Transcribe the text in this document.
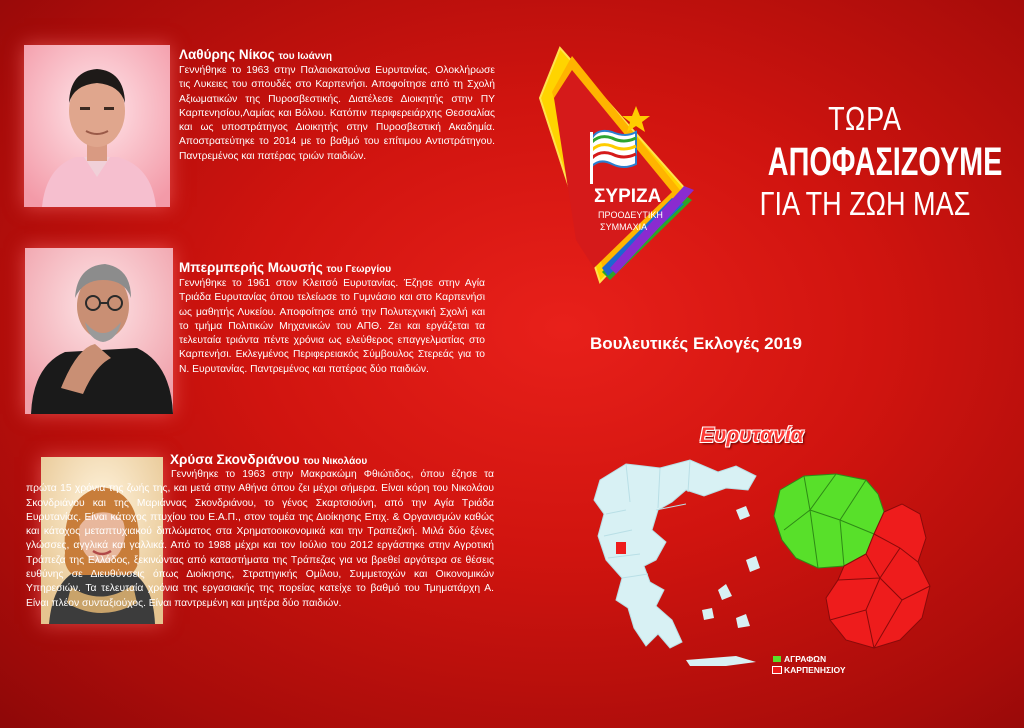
Λαθύρης Νίκος του Ιωάννη

Γεννήθηκε το 1963 στην Παλαιοκατούνα Ευρυτανίας. Ολοκλήρωσε τις Λυκειες του σπουδές στο Καρπενήσι. Αποφοίτησε από τη Σχολή Αξιωματικών της Πυροσβεστικής. Διατέλεσε Διοικητής στην ΠΥ Καρπενησίου,Λαμίας και Βόλου. Κατόπιν περιφερειάρχης Θεσσαλίας και ως υποστράτηγος Διοικητής στην Πυροσβεστική Ακαδημία. Αποστρατεύτηκε το 2014 με το βαθμό του επίτιμου Αντιστράτηγου. Παντρεμένος και πατέρας τριών παιδιών.

Μπερμπερής Μωυσής του Γεωργίου

Γεννήθηκε το 1961 στον Κλειτσό Ευρυτανίας. Έζησε στην Αγία Τριάδα Ευρυτανίας όπου τελείωσε το Γυμνάσιο και στο Καρπενήσι ως μαθητής Λυκείου. Αποφοίτησε από την Πολυτεχνική Σχολή και το τμήμα Πολιτικών Μηχανικών του ΑΠΘ. Ζει και εργάζεται τα τελευταία τριάντα πέντε χρόνια ως ελεύθερος επαγγελματίας στο Καρπενήσι. Εκλεγμένος Περιφερειακός Σύμβουλος Στερεάς για το Ν. Ευρυτανίας. Παντρεμένος και πατέρας δύο παιδιών.

Χρύσα Σκονδριάνου του Νικολάου

Γεννήθηκε το 1963 στην Μακρακώμη Φθιώτιδος, όπου έζησε τα πρώτα 15 χρόνια της ζωής της, και μετά στην Αθήνα όπου ζει μέχρι σήμερα. Είναι κόρη του Νικολάου Σκονδριάνου και της Μαριάννας Σκονδριάνου, το γένος Σκαρτσιούνη, από την Αγία Τριάδα Ευρυτανίας. Είναι κάτοχος πτυχίου του Ε.Α.Π., στον τομέα της Διοίκησης Επιχ. & Οργανισμών καθώς και κάτοχος μεταπτυχιακού διπλώματος στα Χρηματοοικονομικά και την Τραπεζική. Μιλά δύο ξένες γλώσσες, αγγλικά και γαλλικά. Από το 1988 μέχρι και τον Ιούλιο του 2012 εργάστηκε στην Αγροτική Τράπεζα της Ελλάδος, ξεκινώντας από καταστήματα της Τράπεζας για να βρεθεί αργότερα σε θέσεις ευθύνης σε Διευθύνσεις όπως Διοίκησης, Στρατηγικής Ομίλου, Συμμετοχών και Οικονομικών Υπηρεσιών. Τα τελευταία χρόνια της εργασιακής της πορείας κατείχε το βαθμό του Τμηματάρχη Α. Είναι πλέον συνταξιούχος. Είναι παντρεμένη και μητέρα δύο παιδιών.

ΣΥΡΙΖΑ
ΠΡΟΟΔΕΥΤΙΚΗ
ΣΥΜΜΑΧΙΑ
ΤΩΡΑ
ΑΠΟΦΑΣΙΖΟΥΜΕ
ΓΙΑ ΤΗ ΖΩΗ ΜΑΣ
Βουλευτικές Εκλογές 2019
Ευρυτανία
ΑΓΡΑΦΩΝ
ΚΑΡΠΕΝΗΣΙΟΥ
